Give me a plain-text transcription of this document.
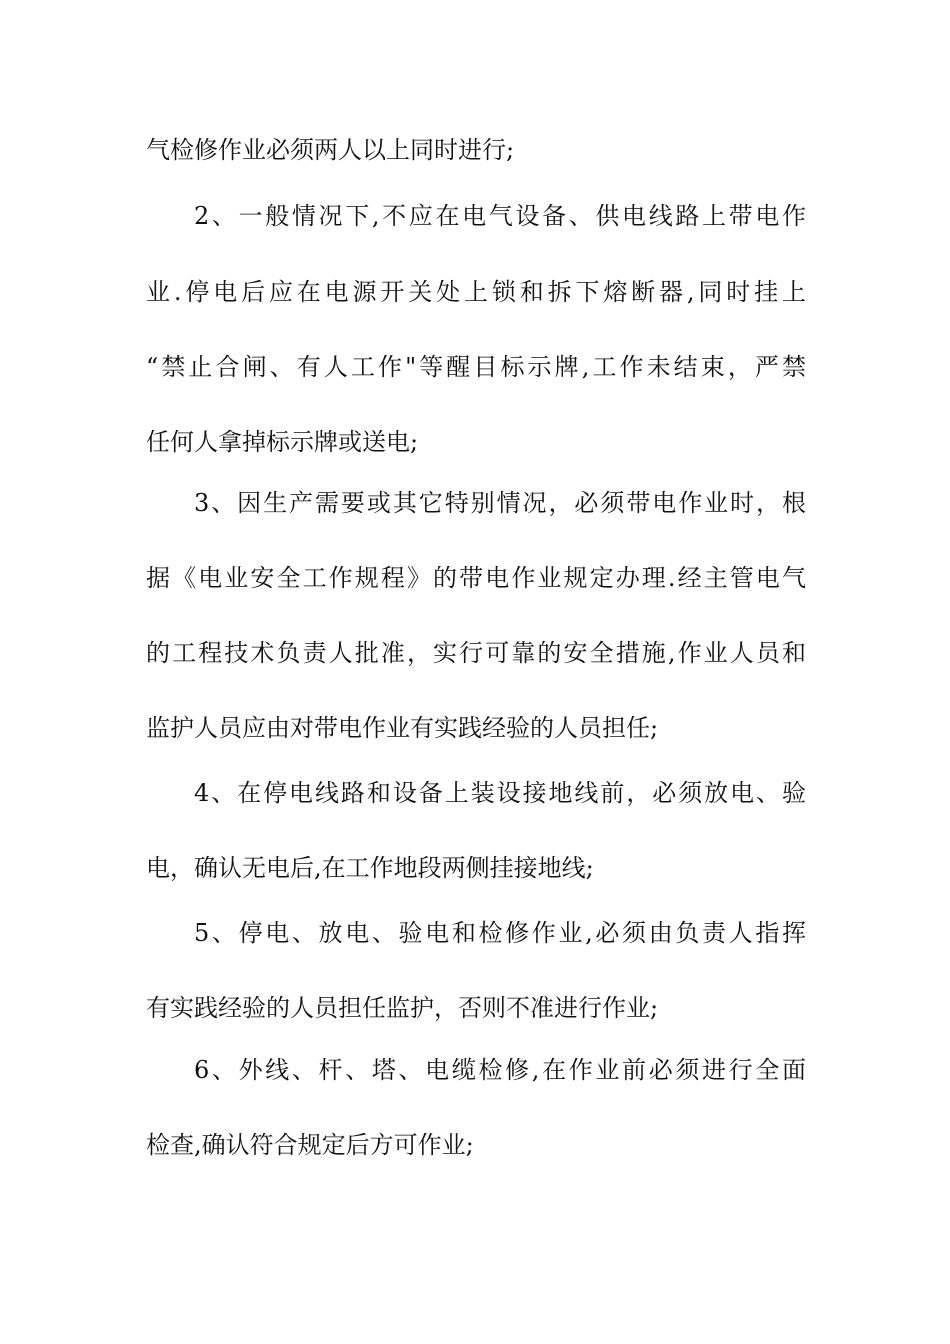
气检修作业必须两人以上同时进行;
2、一般情况下,不应在电气设备、供电线路上带电作
业.停电后应在电源开关处上锁和拆下熔断器,同时挂上
“禁止合闸、有人工作"等醒目标示牌,工作未结束，严禁
任何人拿掉标示牌或送电;
3、因生产需要或其它特别情况，必须带电作业时，根
据《电业安全工作规程》的带电作业规定办理.经主管电气
的工程技术负责人批准，实行可靠的安全措施,作业人员和
监护人员应由对带电作业有实践经验的人员担任;
4、在停电线路和设备上装设接地线前，必须放电、验
电，确认无电后,在工作地段两侧挂接地线;
5、停电、放电、验电和检修作业,必须由负责人指挥
有实践经验的人员担任监护，否则不准进行作业;
6、外线、杆、塔、电缆检修,在作业前必须进行全面
检查,确认符合规定后方可作业;
